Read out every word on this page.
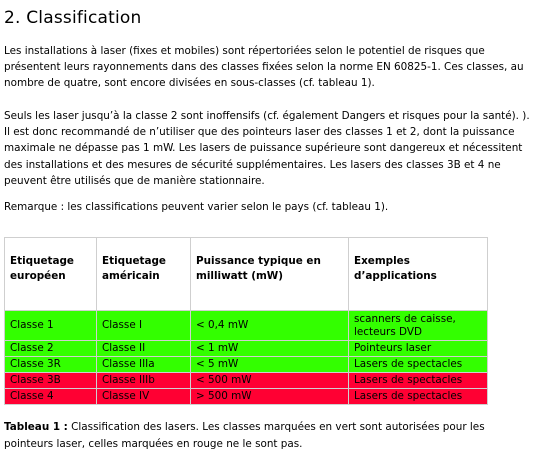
2. Classification

Les installations à laser (fixes et mobiles) sont répertoriées selon le potentiel de risques que présentent leurs rayonnements dans des classes fixées selon la norme EN 60825-1. Ces classes, au nombre de quatre, sont encore divisées en sous-classes (cf. tableau 1).

Seuls les laser jusqu’à la classe 2 sont inoffensifs (cf. également Dangers et risques pour la santé). ). Il est donc recommandé de n’utiliser que des pointeurs laser des classes 1 et 2, dont la puissance maximale ne dépasse pas 1 mW. Les lasers de puissance supérieure sont dangereux et nécessitent des installations et des mesures de sécurité supplémentaires. Les lasers des classes 3B et 4 ne peuvent être utilisés que de manière stationnaire.

Remarque : les classifications peuvent varier selon le pays (cf. tableau 1).

Etiquetage européen	Etiquetage américain	Puissance typique en milliwatt (mW)	Exemples d’applications
Classe 1	Classe I	< 0,4 mW	scanners de caisse, lecteurs DVD
Classe 2	Classe II	< 1 mW	Pointeurs laser
Classe 3R	Classe IIIa	< 5 mW	Lasers de spectacles
Classe 3B	Classe IIIb	< 500 mW	Lasers de spectacles
Classe 4	Classe IV	> 500 mW	Lasers de spectacles

Tableau 1 : Classification des lasers. Les classes marquées en vert sont autorisées pour les pointeurs laser, celles marquées en rouge ne le sont pas.
